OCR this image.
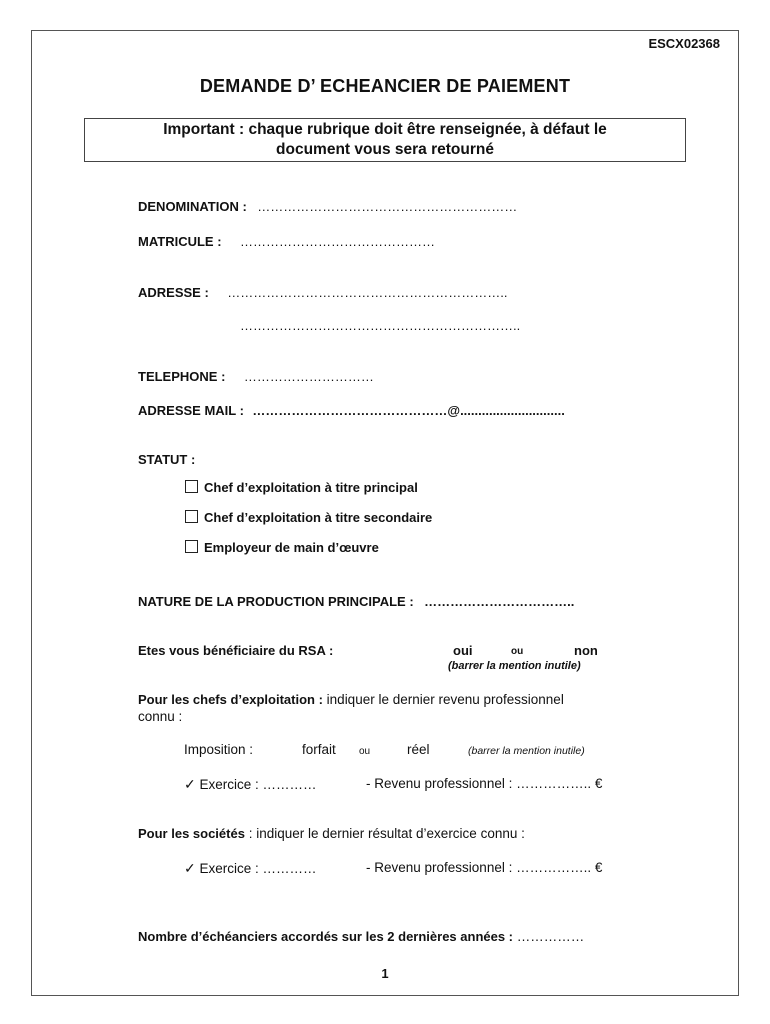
ESCX02368
DEMANDE D’ ECHEANCIER DE PAIEMENT
Important : chaque rubrique doit être renseignée, à défaut le
document vous sera retourné
DENOMINATION : ……………………………………………………
MATRICULE : ………………………………………
ADRESSE : ………………………………………………………..
………………………………………………………..
TELEPHONE : …………………………
ADRESSE MAIL : ………………………………………@.............................
STATUT :
Chef d’exploitation à titre principal
Chef d’exploitation à titre secondaire
Employeur de main d’œuvre
NATURE DE LA PRODUCTION PRINCIPALE : ……………………………..
Etes vous bénéficiaire du RSA :	oui	ou	non
(barrer la mention inutile)
Pour les chefs d’exploitation : indiquer le dernier revenu professionnel
connu :
Imposition :	forfait ou	réel	(barrer la mention inutile)
✓ Exercice : …………	- Revenu professionnel : …………….. €
Pour les sociétés : indiquer le dernier résultat d’exercice connu :
✓ Exercice : …………	- Revenu professionnel : …………….. €
Nombre d’échéanciers accordés sur les 2 dernières années : ……………
1
